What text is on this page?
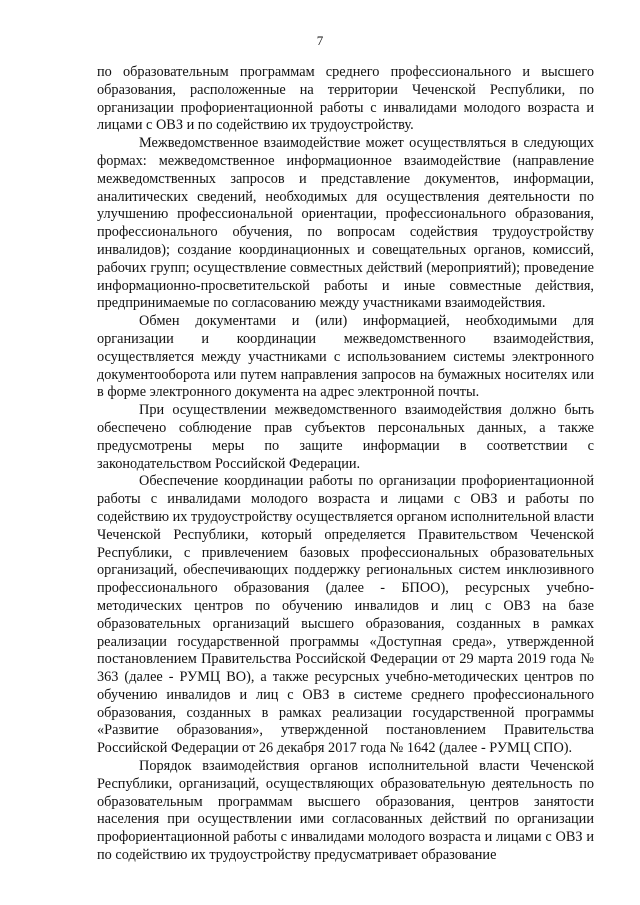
7

по образовательным программам среднего профессионального и высшего образования, расположенные на территории Чеченской Республики, по организации профориентационной работы с инвалидами молодого возраста и лицами с ОВЗ и по содействию их трудоустройству.

Межведомственное взаимодействие может осуществляться в следующих формах: межведомственное информационное взаимодействие (направление межведомственных запросов и представление документов, информации, аналитических сведений, необходимых для осуществления деятельности по улучшению профессиональной ориентации, профессионального образования, профессионального обучения, по вопросам содействия трудоустройству инвалидов); создание координационных и совещательных органов, комиссий, рабочих групп; осуществление совместных действий (мероприятий); проведение информационно-просветительской работы и иные совместные действия, предпринимаемые по согласованию между участниками взаимодействия.

Обмен документами и (или) информацией, необходимыми для организации и координации межведомственного взаимодействия, осуществляется между участниками с использованием системы электронного документооборота или путем направления запросов на бумажных носителях или в форме электронного документа на адрес электронной почты.

При осуществлении межведомственного взаимодействия должно быть обеспечено соблюдение прав субъектов персональных данных, а также предусмотрены меры по защите информации в соответствии с законодательством Российской Федерации.

Обеспечение координации работы по организации профориентационной работы с инвалидами молодого возраста и лицами с ОВЗ и работы по содействию их трудоустройству осуществляется органом исполнительной власти Чеченской Республики, который определяется Правительством Чеченской Республики, с привлечением базовых профессиональных образовательных организаций, обеспечивающих поддержку региональных систем инклюзивного профессионального образования (далее - БПОО), ресурсных учебно-методических центров по обучению инвалидов и лиц с ОВЗ на базе образовательных организаций высшего образования, созданных в рамках реализации государственной программы «Доступная среда», утвержденной постановлением Правительства Российской Федерации от 29 марта 2019 года № 363 (далее - РУМЦ ВО), а также ресурсных учебно-методических центров по обучению инвалидов и лиц с ОВЗ в системе среднего профессионального образования, созданных в рамках реализации государственной программы «Развитие образования», утвержденной постановлением Правительства Российской Федерации от 26 декабря 2017 года № 1642 (далее - РУМЦ СПО).

Порядок взаимодействия органов исполнительной власти Чеченской Республики, организаций, осуществляющих образовательную деятельность по образовательным программам высшего образования, центров занятости населения при осуществлении ими согласованных действий по организации профориентационной работы с инвалидами молодого возраста и лицами с ОВЗ и по содействию их трудоустройству предусматривает образование
